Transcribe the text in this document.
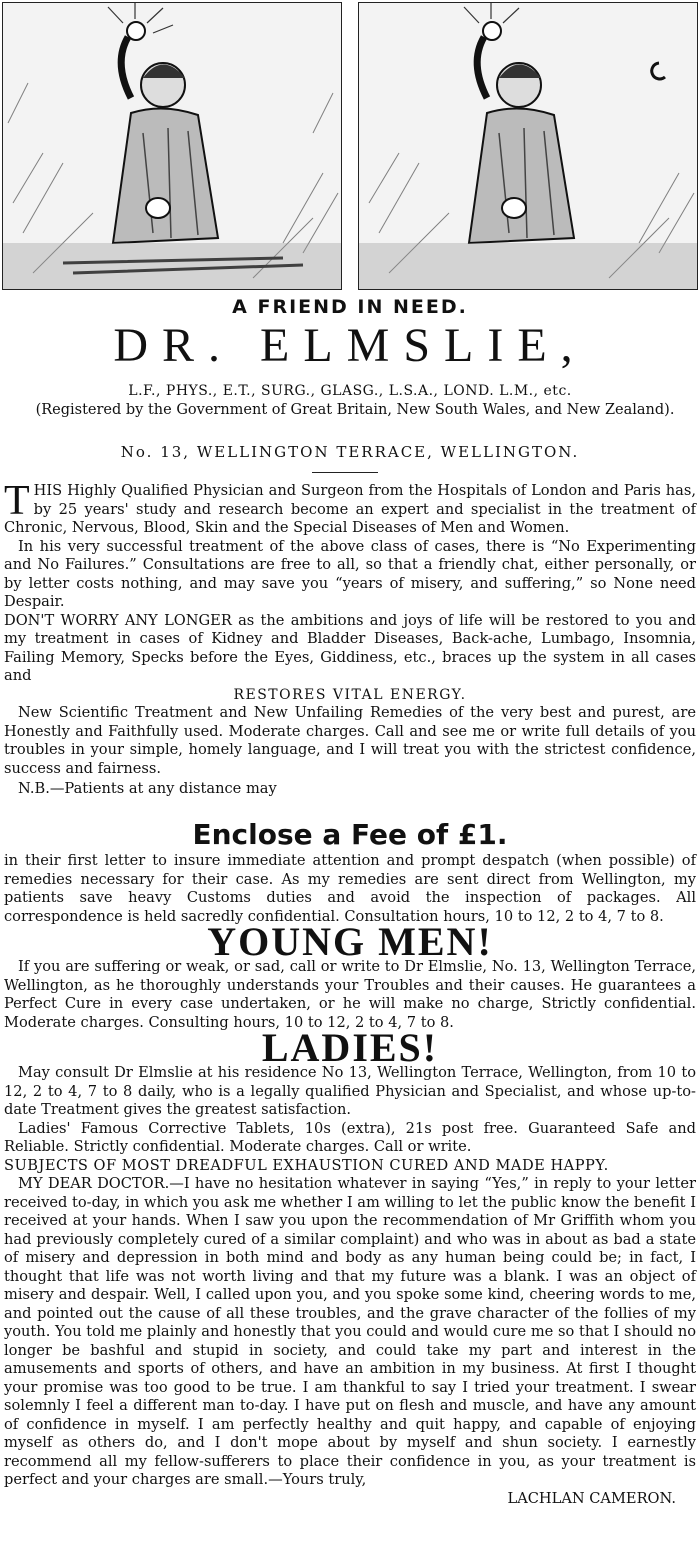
A FRIEND IN NEED.
DR. ELMSLIE,
L.F., PHYS., E.T., SURG., GLASG., L.S.A., LOND. L.M., etc.
(Registered by the Government of Great Britain, New South Wales, and New Zealand).
No. 13, WELLINGTON TERRACE, WELLINGTON.

THIS Highly Qualified Physician and Surgeon from the Hospitals of London and Paris has, by 25 years' study and research become an expert and specialist in the treatment of Chronic, Nervous, Blood, Skin and the Special Diseases of Men and Women.

In his very successful treatment of the above class of cases, there is “No Experimenting and No Failures.” Consultations are free to all, so that a friendly chat, either personally, or by letter costs nothing, and may save you “years of misery, and suffering,” so None need Despair.

DON'T WORRY ANY LONGER as the ambitions and joys of life will be restored to you and my treatment in cases of Kidney and Bladder Diseases, Back-ache, Lumbago, Insomnia, Failing Memory, Specks before the Eyes, Giddiness, etc., braces up the system in all cases and

RESTORES VITAL ENERGY.

New Scientific Treatment and New Unfailing Remedies of the very best and purest, are Honestly and Faithfully used. Moderate charges. Call and see me or write full details of you troubles in your simple, homely language, and I will treat you with the strictest confidence, success and fairness.

N.B.—Patients at any distance may

Enclose a Fee of £1.

in their first letter to insure immediate attention and prompt despatch (when possible) of remedies necessary for their case. As my remedies are sent direct from Wellington, my patients save heavy Customs duties and avoid the inspection of packages. All correspondence is held sacredly confidential. Consultation hours, 10 to 12, 2 to 4, 7 to 8.

YOUNG MEN!

If you are suffering or weak, or sad, call or write to Dr Elmslie, No. 13, Wellington Terrace, Wellington, as he thoroughly understands your Troubles and their causes. He guarantees a Perfect Cure in every case undertaken, or he will make no charge, Strictly confidential. Moderate charges. Consulting hours, 10 to 12, 2 to 4, 7 to 8.

LADIES!

May consult Dr Elmslie at his residence No 13, Wellington Terrace, Wellington, from 10 to 12, 2 to 4, 7 to 8 daily, who is a legally qualified Physician and Specialist, and whose up-to-date Treatment gives the greatest satisfaction.

Ladies' Famous Corrective Tablets, 10s (extra), 21s post free. Guaranteed Safe and Reliable. Strictly confidential. Moderate charges. Call or write.

SUBJECTS OF MOST DREADFUL EXHAUSTION CURED AND MADE HAPPY.

MY DEAR DOCTOR.—I have no hesitation whatever in saying “Yes,” in reply to your letter received to-day, in which you ask me whether I am willing to let the public know the benefit I received at your hands. When I saw you upon the recommendation of Mr Griffith whom you had previously completely cured of a similar complaint) and who was in about as bad a state of misery and depression in both mind and body as any human being could be; in fact, I thought that life was not worth living and that my future was a blank. I was an object of misery and despair. Well, I called upon you, and you spoke some kind, cheering words to me, and pointed out the cause of all these troubles, and the grave character of the follies of my youth. You told me plainly and honestly that you could and would cure me so that I should no longer be bashful and stupid in society, and could take my part and interest in the amusements and sports of others, and have an ambition in my business. At first I thought your promise was too good to be true. I am thankful to say I tried your treatment. I swear solemnly I feel a different man to-day. I have put on flesh and muscle, and have any amount of confidence in myself. I am perfectly healthy and quit happy, and capable of enjoying myself as others do, and I don't mope about by myself and shun society. I earnestly recommend all my fellow-sufferers to place their confidence in you, as your treatment is perfect and your charges are small.—Yours truly,

LACHLAN CAMERON.
